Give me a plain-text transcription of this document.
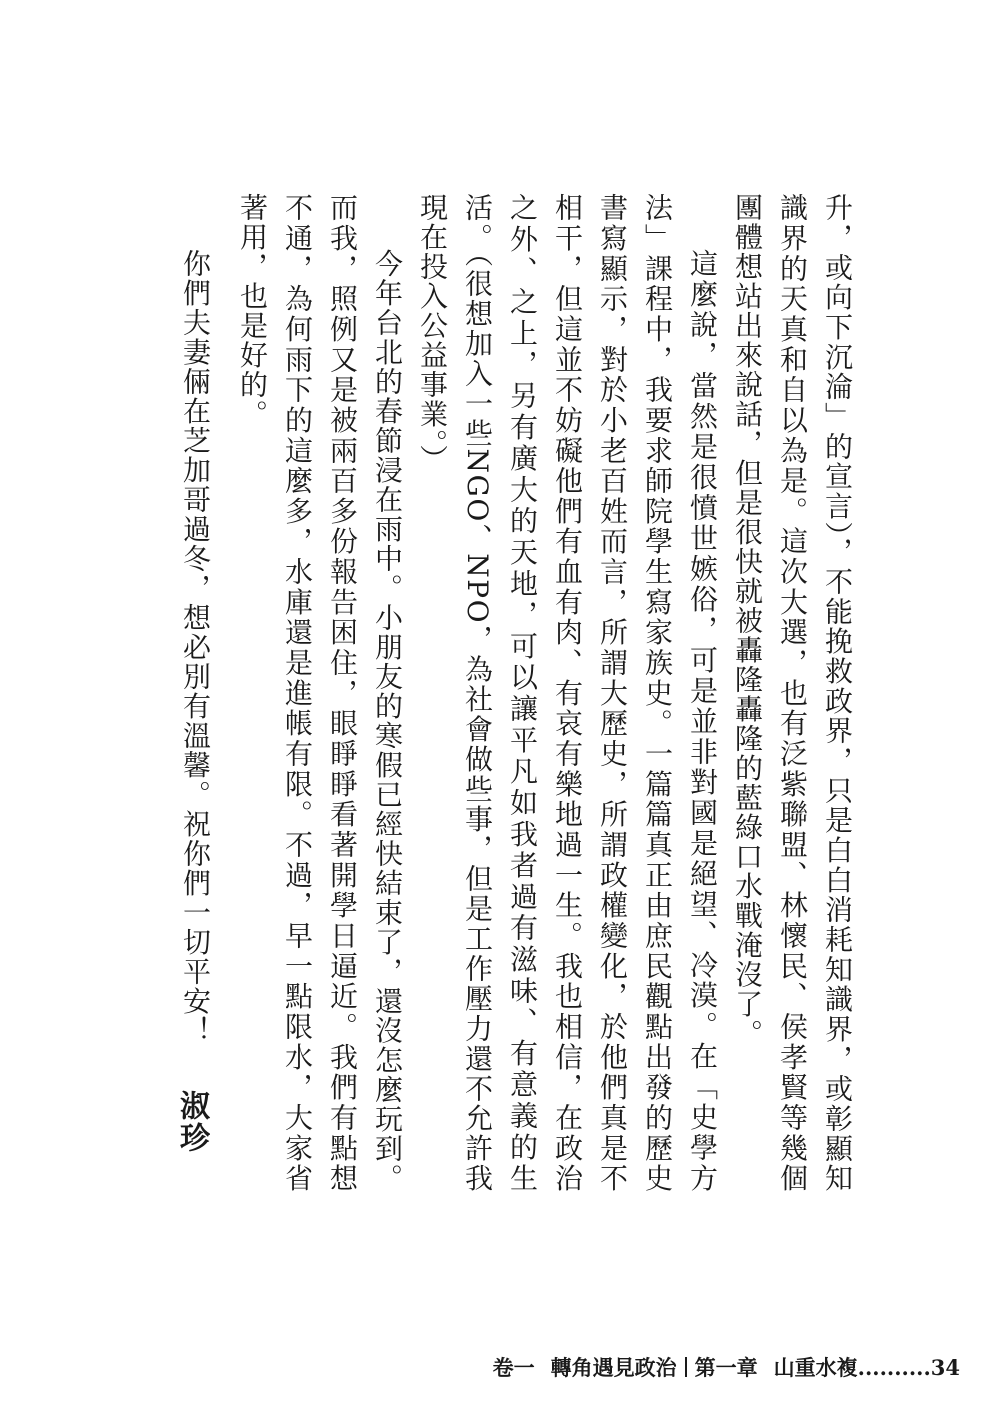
升，或向下沉淪」的宣言），不能挽救政界，只是白白消耗知識界，或彰顯知識界的天真和自以為是。這次大選，也有泛紫聯盟、林懷民、侯孝賢等幾個團體想站出來說話，但是很快就被轟隆轟隆的藍綠口水戰淹沒了。

這麼說，當然是很憤世嫉俗，可是並非對國是絕望、冷漠。在「史學方法」課程中，我要求師院學生寫家族史。一篇篇真正由庶民觀點出發的歷史書寫顯示，對於小老百姓而言，所謂大歷史，所謂政權變化，於他們真是不相干，但這並不妨礙他們有血有肉、有哀有樂地過一生。我也相信，在政治之外、之上，另有廣大的天地，可以讓平凡如我者過有滋味、有意義的生活。（很想加入一些NGO、NPO，為社會做些事，但是工作壓力還不允許我現在投入公益事業。）

今年台北的春節浸在雨中。小朋友的寒假已經快結束了，還沒怎麼玩到。而我，照例又是被兩百多份報告困住，眼睜睜看著開學日逼近。我們有點想不通，為何雨下的這麼多，水庫還是進帳有限。不過，早一點限水，大家省著用，也是好的。

你們夫妻倆在芝加哥過冬，想必別有溫馨。祝你們一切平安！

淑珍
卷一 轉角遇見政治 第一章 山重水複 .......... 34
